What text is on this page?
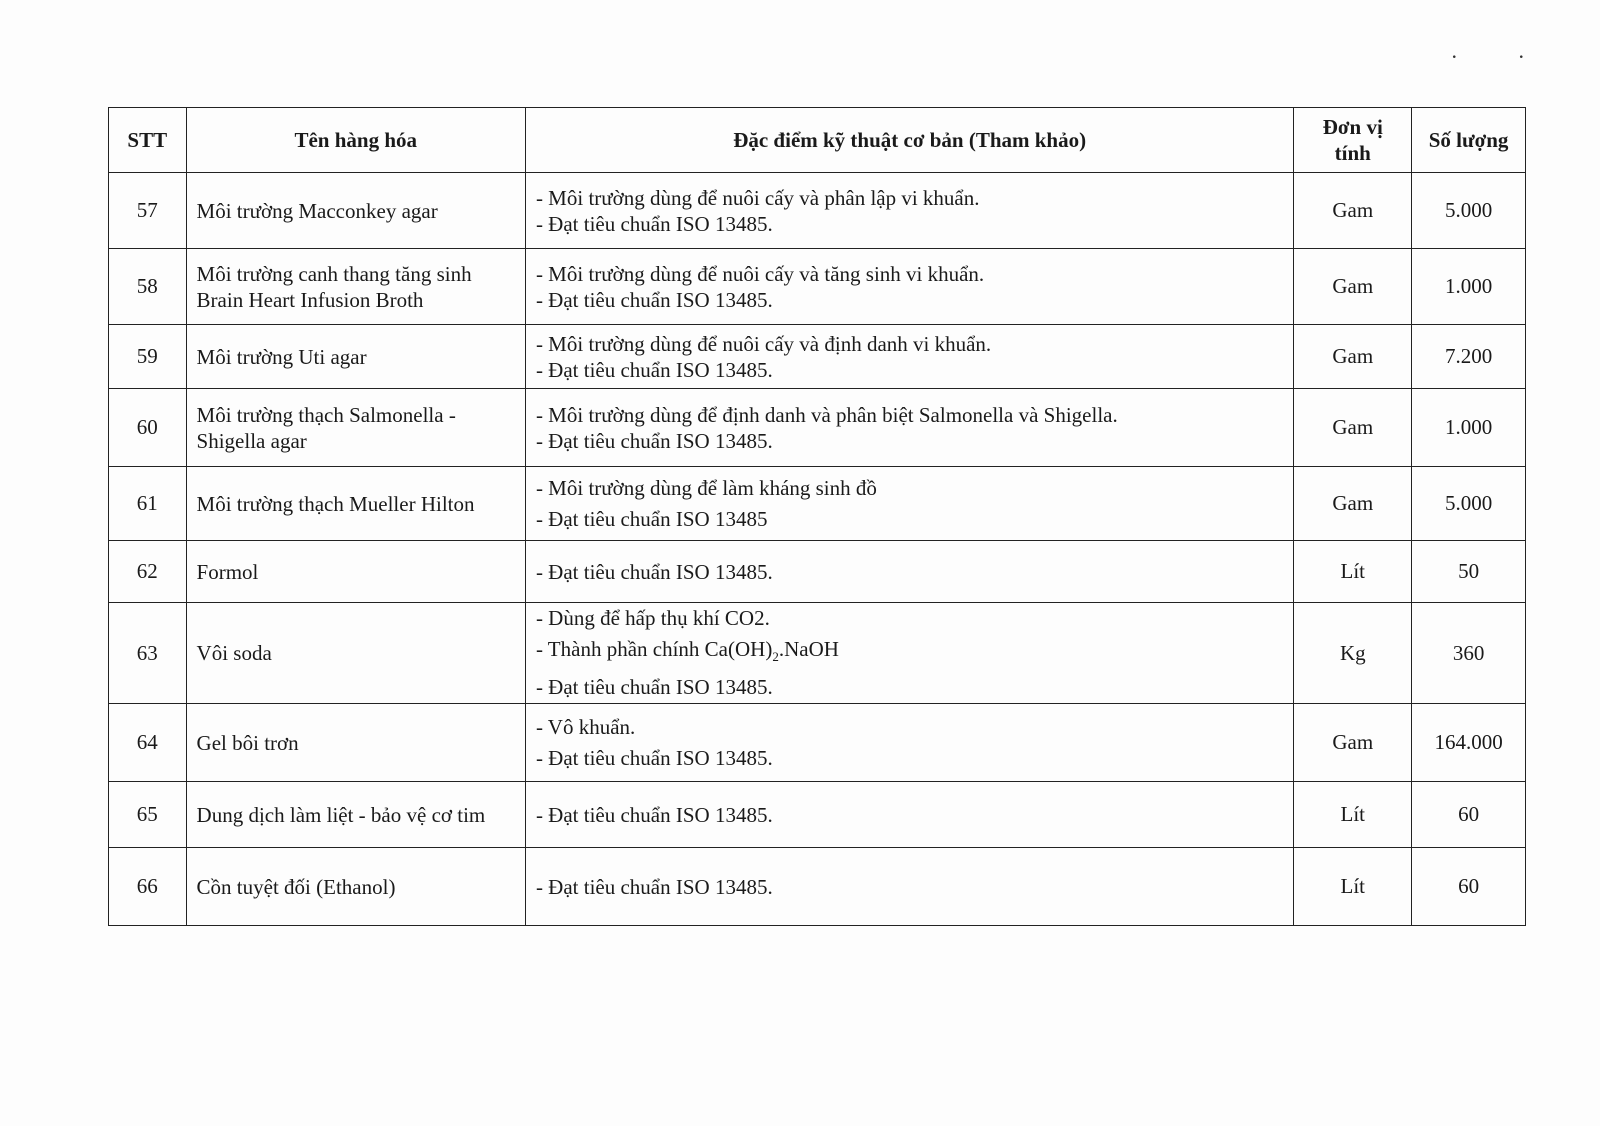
. .
STT	Tên hàng hóa	Đặc điểm kỹ thuật cơ bản (Tham khảo)	Đơn vị
tính	Số lượng
57	Môi trường Macconkey agar	- Môi trường dùng để nuôi cấy và phân lập vi khuẩn.
- Đạt tiêu chuẩn ISO 13485.	Gam	5.000
58	Môi trường canh thang tăng sinh Brain Heart Infusion Broth	- Môi trường dùng để nuôi cấy và tăng sinh vi khuẩn.
- Đạt tiêu chuẩn ISO 13485.	Gam	1.000
59	Môi trường Uti agar	- Môi trường dùng để nuôi cấy và định danh vi khuẩn.
- Đạt tiêu chuẩn ISO 13485.	Gam	7.200
60	Môi trường thạch Salmonella - Shigella agar	- Môi trường dùng để định danh và phân biệt Salmonella và Shigella.
- Đạt tiêu chuẩn ISO 13485.	Gam	1.000
61	Môi trường thạch Mueller Hilton	- Môi trường dùng để làm kháng sinh đồ
- Đạt tiêu chuẩn ISO 13485	Gam	5.000
62	Formol	- Đạt tiêu chuẩn ISO 13485.	Lít	50
63	Vôi soda	- Dùng để hấp thụ khí CO2.
- Thành phần chính $Ca(OH)_2.NaOH$
- Đạt tiêu chuẩn ISO 13485.	Kg	360
64	Gel bôi trơn	- Vô khuẩn.
- Đạt tiêu chuẩn ISO 13485.	Gam	164.000
65	Dung dịch làm liệt - bảo vệ cơ tim	- Đạt tiêu chuẩn ISO 13485.	Lít	60
66	Cồn tuyệt đối (Ethanol)	- Đạt tiêu chuẩn ISO 13485.	Lít	60
